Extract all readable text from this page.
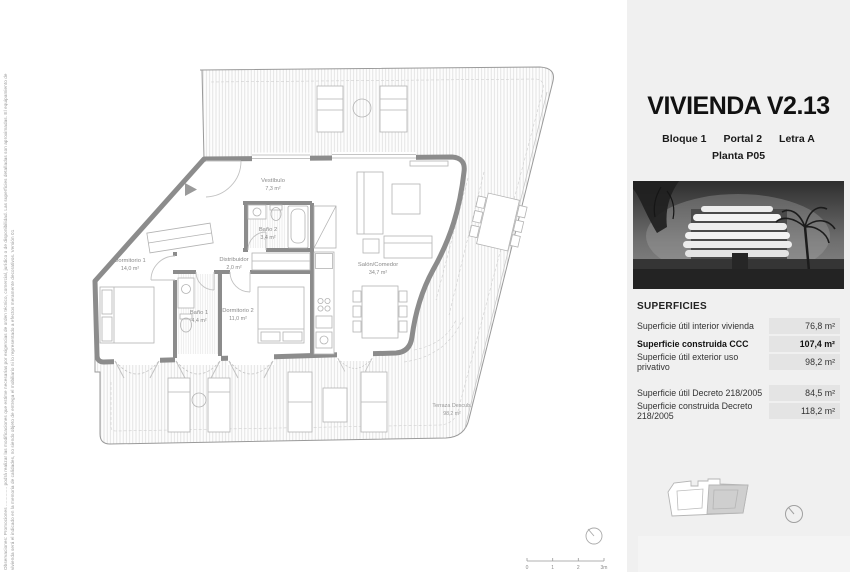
Vestíbulo
7,3 m²
Baño 2
3,4 m²
Distribuidor
2,0 m²
Dormitorio 1
14,0 m²
Baño 1
4,4 m²
Dormitorio 2
11,0 m²
Salón/Comedor
34,7 m²
Terraza Descub.
98,2 m²
0	1	2	3m
Observaciones: Promociones .............. podrá realizar las modificaciones que estime necesarias por exigencias de orden técnico, comercial, jurídico o de disponibilidad. Las superficies detalladas son aproximadas. El equipamiento de vivienda será el indicado en la memoria de calidades, no siendo objeto de entrega el mobiliario ni lo representado a efectos meramente decorativos. Versión 01
VIVIENDA V2.13
Bloque 1 Portal 2 Letra A
Planta P05
SUPERFICIES
Superficie útil interior vivienda	76,8 m²
Superficie construida CCC	107,4 m²
Superficie útil exterior uso privativo	98,2 m²
Superficie útil Decreto 218/2005	84,5 m²
Superficie construida Decreto 218/2005	118,2 m²
